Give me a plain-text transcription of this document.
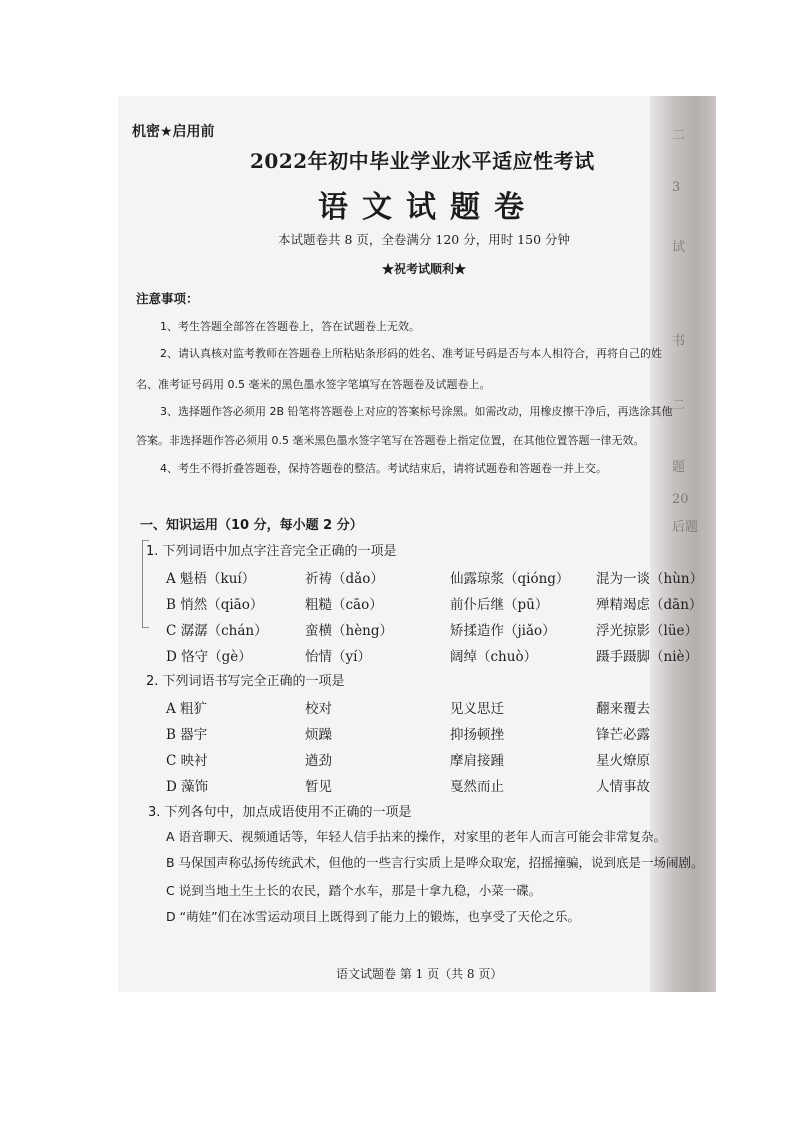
二
3
试
书
二
题
20
后题
机密★启用前
2022年初中毕业学业水平适应性考试
语文试题卷
本试题卷共 8 页，全卷满分 120 分，用时 150 分钟
★祝考试顺利★
注意事项：
1、考生答题全部答在答题卷上，答在试题卷上无效。
2、请认真核对监考教师在答题卷上所粘贴条形码的姓名、准考证号码是否与本人相符合，再将自己的姓
名、准考证号码用 0.5 毫米的黑色墨水签字笔填写在答题卷及试题卷上。
3、选择题作答必须用 2B 铅笔将答题卷上对应的答案标号涂黑。如需改动，用橡皮擦干净后，再选涂其他
答案。非选择题作答必须用 0.5 毫米黑色墨水签字笔写在答题卷上指定位置，在其他位置答题一律无效。
4、考生不得折叠答题卷，保持答题卷的整洁。考试结束后，请将试题卷和答题卷一并上交。
一、知识运用（10 分，每小题 2 分）
1. 下列词语中加点字注音完全正确的一项是
A 魁梧（kuí）	祈祷（dǎo）	仙露琼浆（qióng） 混为一谈（hùn）
B 悄然（qiāo）	粗糙（cāo）	前仆后继（pū）	殚精竭虑（dān）
C 潺潺（chán）	蛮横（hèng）	矫揉造作（jiǎo）	浮光掠影（lüe）
D 恪守（gè）	怡情（yí）	阔绰（chuò）	蹑手蹑脚（niè）
2. 下列词语书写完全正确的一项是
A 粗犷	校对	见义思迁	翻来覆去
B 器宇	烦躁	抑扬顿挫	锋芒必露
C 映衬	遒劲	摩肩接踵	星火燎原
D 藻饰	暂见	戛然而止	人情事故
3. 下列各句中，加点成语使用不正确的一项是
A 语音聊天、视频通话等，年轻人信手拈来的操作，对家里的老年人而言可能会非常复杂。
B 马保国声称弘扬传统武术，但他的一些言行实质上是哗众取宠，招摇撞骗，说到底是一场闹剧。
C 说到当地土生土长的农民，踏个水车，那是十拿九稳，小菜一碟。
D “萌娃”们在冰雪运动项目上既得到了能力上的锻炼，也享受了天伦之乐。
语文试题卷 第 1 页（共 8 页）
